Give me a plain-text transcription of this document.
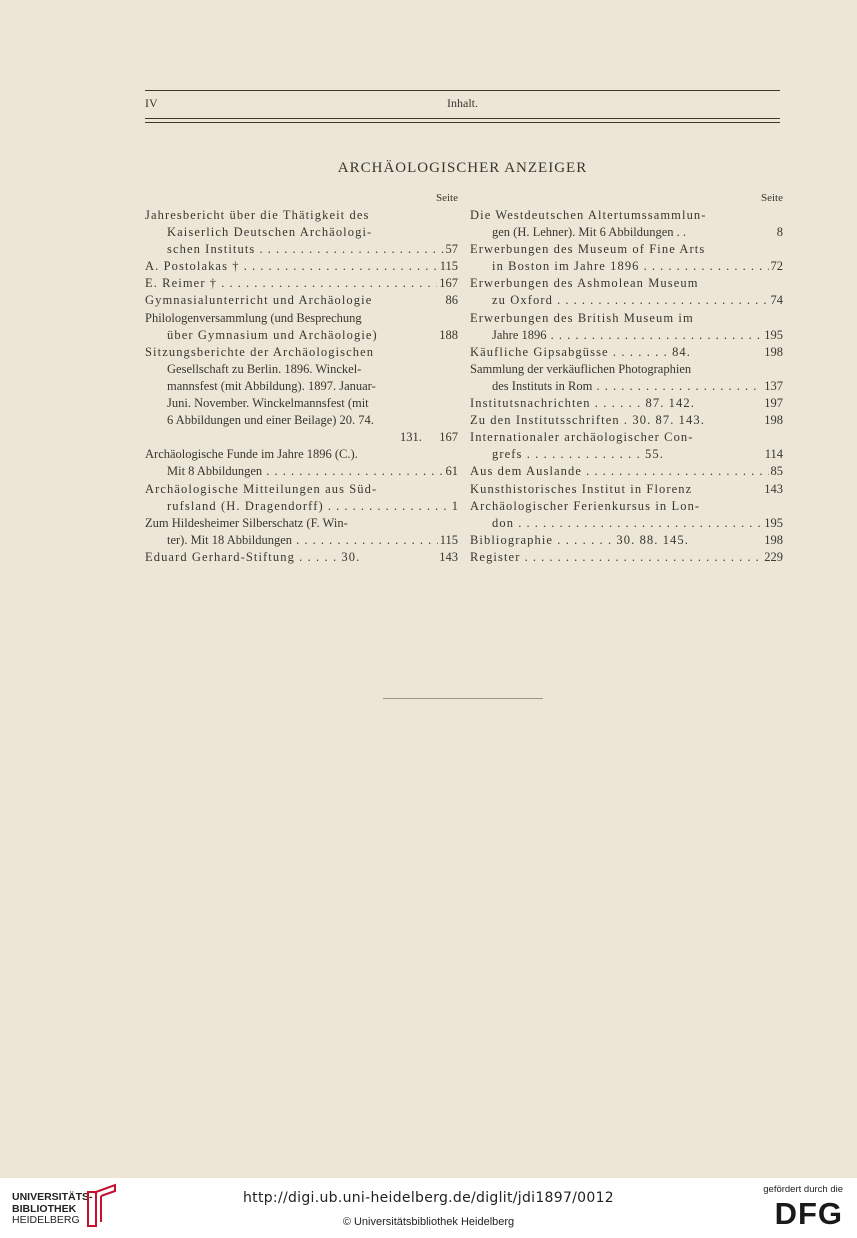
IV	Inhalt.
ARCHÄOLOGISCHER ANZEIGER
Seite
Jahresbericht über die Thätigkeit des
Kaiserlich Deutschen Archäologi-
schen Instituts . . .	57
A. Postolakas † . . .	115
E. Reimer † . . .	167
Gymnasialunterricht und Archäologie	86
Philologenversammlung (und Besprechung
über Gymnasium und Archäologie)	188
Sitzungsberichte der Archäologischen
Gesellschaft zu Berlin. 1896. Winckel-
mannsfest (mit Abbildung). 1897. Januar-
Juni. November. Winckelmannsfest (mit
6 Abbildungen und einer Beilage) 20. 74.
131. 167
Archäologische Funde im Jahre 1896 (C.).
Mit 8 Abbildungen . . .	61
Archäologische Mitteilungen aus Süd-
rufsland (H. Dragendorff) . . .	1
Zum Hildesheimer Silberschatz (F. Win-
ter). Mit 18 Abbildungen . . .	115
Eduard Gerhard-Stiftung . . . . . 30.	143
Seite
Die Westdeutschen Altertumssammlun-
gen (H. Lehner). Mit 6 Abbildungen . .	8
Erwerbungen des Museum of Fine Arts
in Boston im Jahre 1896 . . .	72
Erwerbungen des Ashmolean Museum
zu Oxford . . .	74
Erwerbungen des British Museum im
Jahre 1896 . . .	195
Käufliche Gipsabgüsse . . . . . . . 84.	198
Sammlung der verkäuflichen Photographien
des Instituts in Rom . . .	137
Institutsnachrichten . . . . . . 87. 142.	197
Zu den Institutsschriften . 30. 87. 143.	198
Internationaler archäologischer Con-
grefs . . . . . . . . . . . . . . 55.	114
Aus dem Auslande . . .	85
Kunsthistorisches Institut in Florenz	143
Archäologischer Ferienkursus in Lon-
don . . .	195
Bibliographie . . . . . . . 30. 88. 145.	198
Register . . .	229
UNIVERSITÄTS-
BIBLIOTHEK
HEIDELBERG
http://digi.ub.uni-heidelberg.de/diglit/jdi1897/0012
© Universitätsbibliothek Heidelberg
gefördert durch die
DFG
